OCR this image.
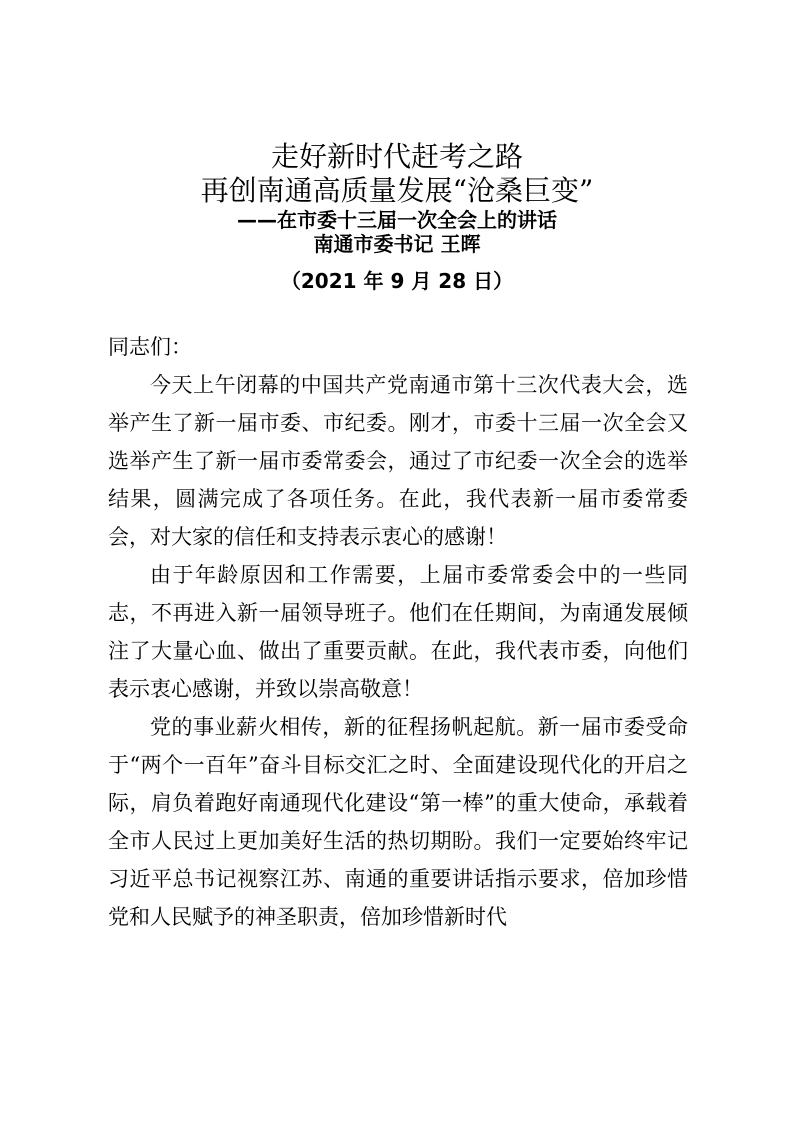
走好新时代赶考之路
再创南通高质量发展“沧桑巨变”
——在市委十三届一次全会上的讲话
南通市委书记 王晖
（2021 年 9 月 28 日）

同志们：

今天上午闭幕的中国共产党南通市第十三次代表大会，选举产生了新一届市委、市纪委。刚才，市委十三届一次全会又选举产生了新一届市委常委会，通过了市纪委一次全会的选举结果，圆满完成了各项任务。在此，我代表新一届市委常委会，对大家的信任和支持表示衷心的感谢！

由于年龄原因和工作需要，上届市委常委会中的一些同志，不再进入新一届领导班子。他们在任期间，为南通发展倾注了大量心血、做出了重要贡献。在此，我代表市委，向他们表示衷心感谢，并致以崇高敬意！

党的事业薪火相传，新的征程扬帆起航。新一届市委受命于“两个一百年”奋斗目标交汇之时、全面建设现代化的开启之际，肩负着跑好南通现代化建设“第一棒”的重大使命，承载着全市人民过上更加美好生活的热切期盼。我们一定要始终牢记习近平总书记视察江苏、南通的重要讲话指示要求，倍加珍惜党和人民赋予的神圣职责，倍加珍惜新时代
